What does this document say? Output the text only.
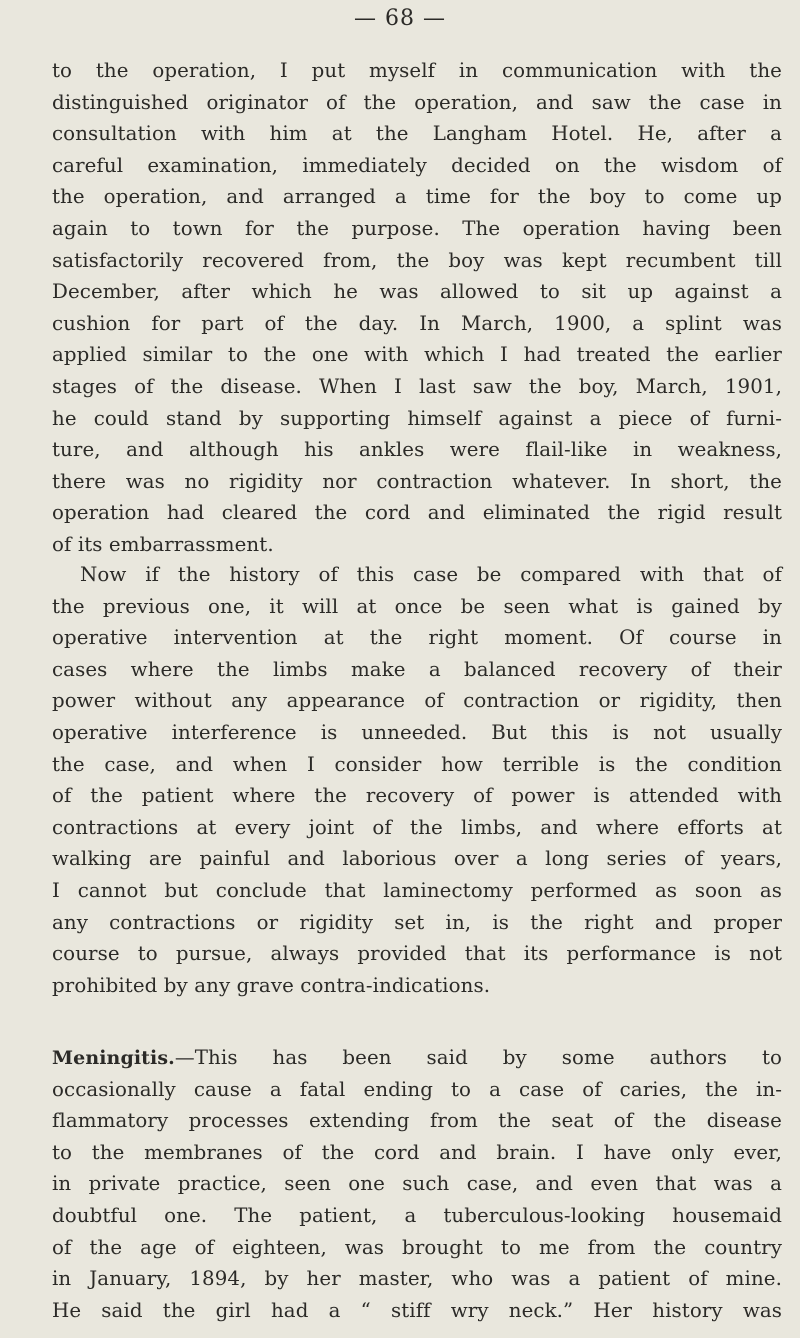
— 68 —
to the operation, I put myself in communication with the
distinguished originator of the operation, and saw the case in
consultation with him at the Langham Hotel. He, after a
careful examination, immediately decided on the wisdom of
the operation, and arranged a time for the boy to come up
again to town for the purpose. The operation having been
satisfactorily recovered from, the boy was kept recumbent till
December, after which he was allowed to sit up against a
cushion for part of the day. In March, 1900, a splint was
applied similar to the one with which I had treated the earlier
stages of the disease. When I last saw the boy, March, 1901,
he could stand by supporting himself against a piece of furni-
ture, and although his ankles were flail-like in weakness,
there was no rigidity nor contraction whatever. In short, the
operation had cleared the cord and eliminated the rigid result
of its embarrassment.
Now if the history of this case be compared with that of
the previous one, it will at once be seen what is gained by
operative intervention at the right moment. Of course in
cases where the limbs make a balanced recovery of their
power without any appearance of contraction or rigidity, then
operative interference is unneeded. But this is not usually
the case, and when I consider how terrible is the condition
of the patient where the recovery of power is attended with
contractions at every joint of the limbs, and where efforts at
walking are painful and laborious over a long series of years,
I cannot but conclude that laminectomy performed as soon as
any contractions or rigidity set in, is the right and proper
course to pursue, always provided that its performance is not
prohibited by any grave contra-indications.
Meningitis.—This has been said by some authors to
occasionally cause a fatal ending to a case of caries, the in-
flammatory processes extending from the seat of the disease
to the membranes of the cord and brain. I have only ever,
in private practice, seen one such case, and even that was a
doubtful one. The patient, a tuberculous-looking housemaid
of the age of eighteen, was brought to me from the country
in January, 1894, by her master, who was a patient of mine.
He said the girl had a “ stiff wry neck.” Her history was
